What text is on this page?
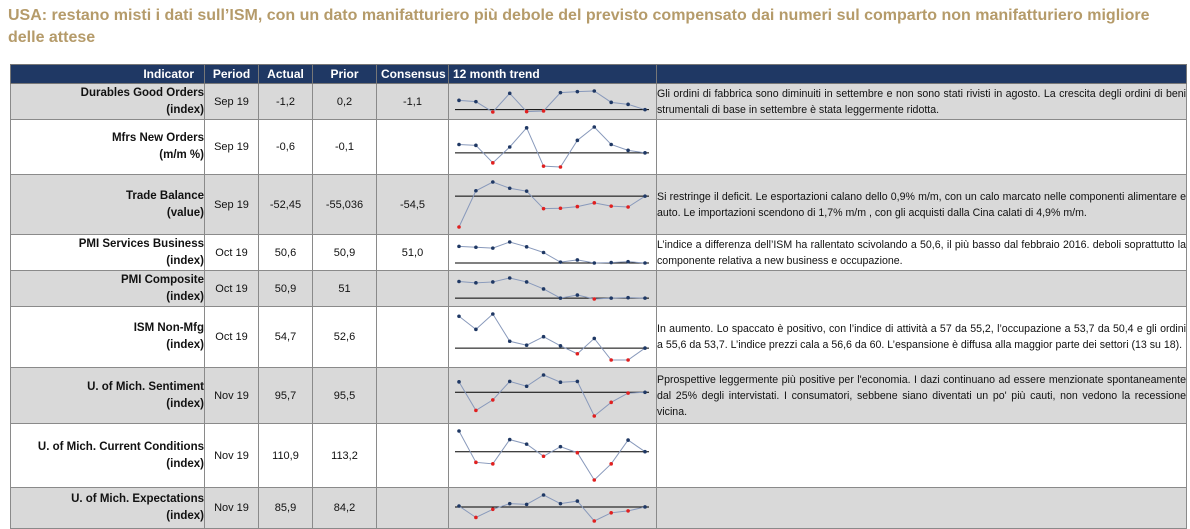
USA: restano misti i dati sull’ISM, con un dato manifatturiero più debole del previsto compensato dai numeri sul comparto non manifatturiero migliore delle attese
Indicator	Period	Actual	Prior	Consensus	12 month trend	

Durables Good Orders
(index)	Sep 19	-1,2	0,2	-1,1		Gli ordini di fabbrica sono diminuiti in settembre e non sono stati rivisti in agosto. La crescita degli ordini di beni strumentali di base in settembre è stata leggermente ridotta.

Mfrs New Orders
(m/m %)	Sep 19	-0,6	-0,1		

Trade Balance
(value)	Sep 19	-52,45	-55,036	-54,5		Si restringe il deficit. Le esportazioni calano dello 0,9% m/m, con un calo marcato nelle componenti alimentare e auto. Le importazioni scendono di 1,7% m/m , con gli acquisti dalla Cina calati di 4,9% m/m.

PMI Services Business
(index)	Oct 19	50,6	50,9	51,0		L’indice a differenza dell’ISM ha rallentato scivolando a 50,6, il più basso dal febbraio 2016. deboli soprattutto la componente relativa a new business e occupazione.

PMI Composite
(index)	Oct 19	50,9	51		

ISM Non-Mfg
(index)	Oct 19	54,7	52,6			In aumento. Lo spaccato è positivo, con l’indice di attività a 57 da 55,2, l’occupazione a 53,7 da 50,4 e gli ordini a 55,6 da 53,7. L’indice prezzi cala a 56,6 da 60. L’espansione è diffusa alla maggior parte dei settori (13 su 18).

U. of Mich. Sentiment
(index)	Nov 19	95,7	95,5			Pprospettive leggermente più positive per l'economia. I dazi continuano ad essere menzionate spontaneamente dal 25% degli intervistati. I consumatori, sebbene siano diventati un po' più cauti, non vedono la recessione vicina.

U. of Mich. Current Conditions
(index)	Nov 19	110,9	113,2		

U. of Mich. Expectations
(index)	Nov 19	85,9	84,2		
